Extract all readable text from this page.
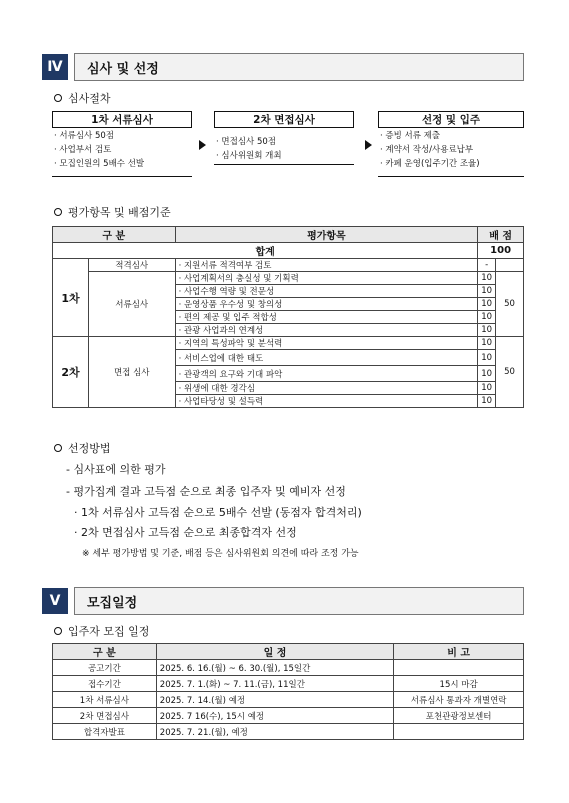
Ⅳ	심사 및 선정
심사절차
1차 서류심사
· 서류심사 50점
· 사업부서 검토
· 모집인원의 5배수 선발
2차 면접심사
· 면접심사 50점
· 심사위원회 개최
선정 및 입주
· 증빙 서류 제출
· 계약서 작성/사용료납부
· 카페 운영(입주기간 조율)
평가항목 및 배점기준
구 분		평가항목	배 점	
합계			100	
1차	적격심사	· 지원서류 적격여부 검토	-	
	서류심사	· 사업계획서의 충실성 및 기획력	10	50
		· 사업수행 역량 및 전문성	10	
		· 운영상품 우수성 및 창의성	10	
		· 편의 제공 및 입주 적합성	10	
		· 관광 사업과의 연계성	10	
2차	면접 심사	· 지역의 특성파악 및 분석력	10	50
		· 서비스업에 대한 태도	10	
		· 관광객의 요구와 기대 파악	10	
		· 위생에 대한 경각심	10	
		· 사업타당성 및 설득력	10	
선정방법
- 심사표에 의한 평가
- 평가집계 결과 고득점 순으로 최종 입주자 및 예비자 선정
· 1차 서류심사 고득점 순으로 5배수 선발 (동점자 합격처리)
· 2차 면접심사 고득점 순으로 최종합격자 선정
※ 세부 평가방법 및 기준, 배점 등은 심사위원회 의견에 따라 조정 가능
Ⅴ	모집일정
입주자 모집 일정
구 분	일 정	비 고
공고기간	2025. 6. 16.(월) ~ 6. 30.(월), 15일간	
접수기간	2025. 7. 1.(화) ~ 7. 11.(금), 11일간	15시 마감
1차 서류심사	2025. 7. 14.(월) 예정	서류심사 통과자 개별연락
2차 면접심사	2025. 7 16(수), 15시 예정	포천관광정보센터
합격자발표	2025. 7. 21.(월), 예정	
